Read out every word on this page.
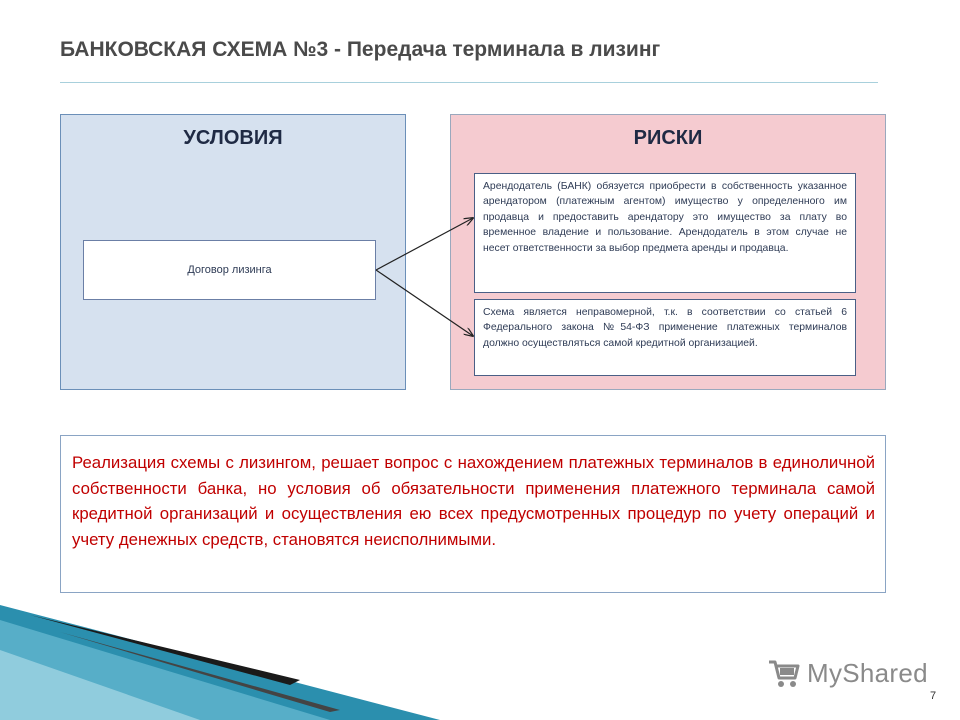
БАНКОВСКАЯ СХЕМА №3 - Передача терминала в лизинг
УСЛОВИЯ	РИСКИ
Договор лизинга
Арендодатель (БАНК) обязуется приобрести в собственность указанное арендатором (платежным агентом) имущество у определенного им продавца и предоставить арендатору это имущество за плату во временное владение и пользование. Арендодатель в этом случае не несет ответственности за выбор предмета аренды и продавца.
Схема является неправомерной, т.к. в соответствии со статьей 6 Федерального закона №54-ФЗ применение платежных терминалов должно осуществляться самой кредитной организацией.
Реализация схемы с лизингом, решает вопрос с нахождением платежных терминалов в единоличной собственности банка, но условия об обязательности применения платежного терминала самой кредитной организаций и осуществления ею всех предусмотренных процедур по учету операций и учету денежных средств, становятся неисполнимыми.
MyShared
7
